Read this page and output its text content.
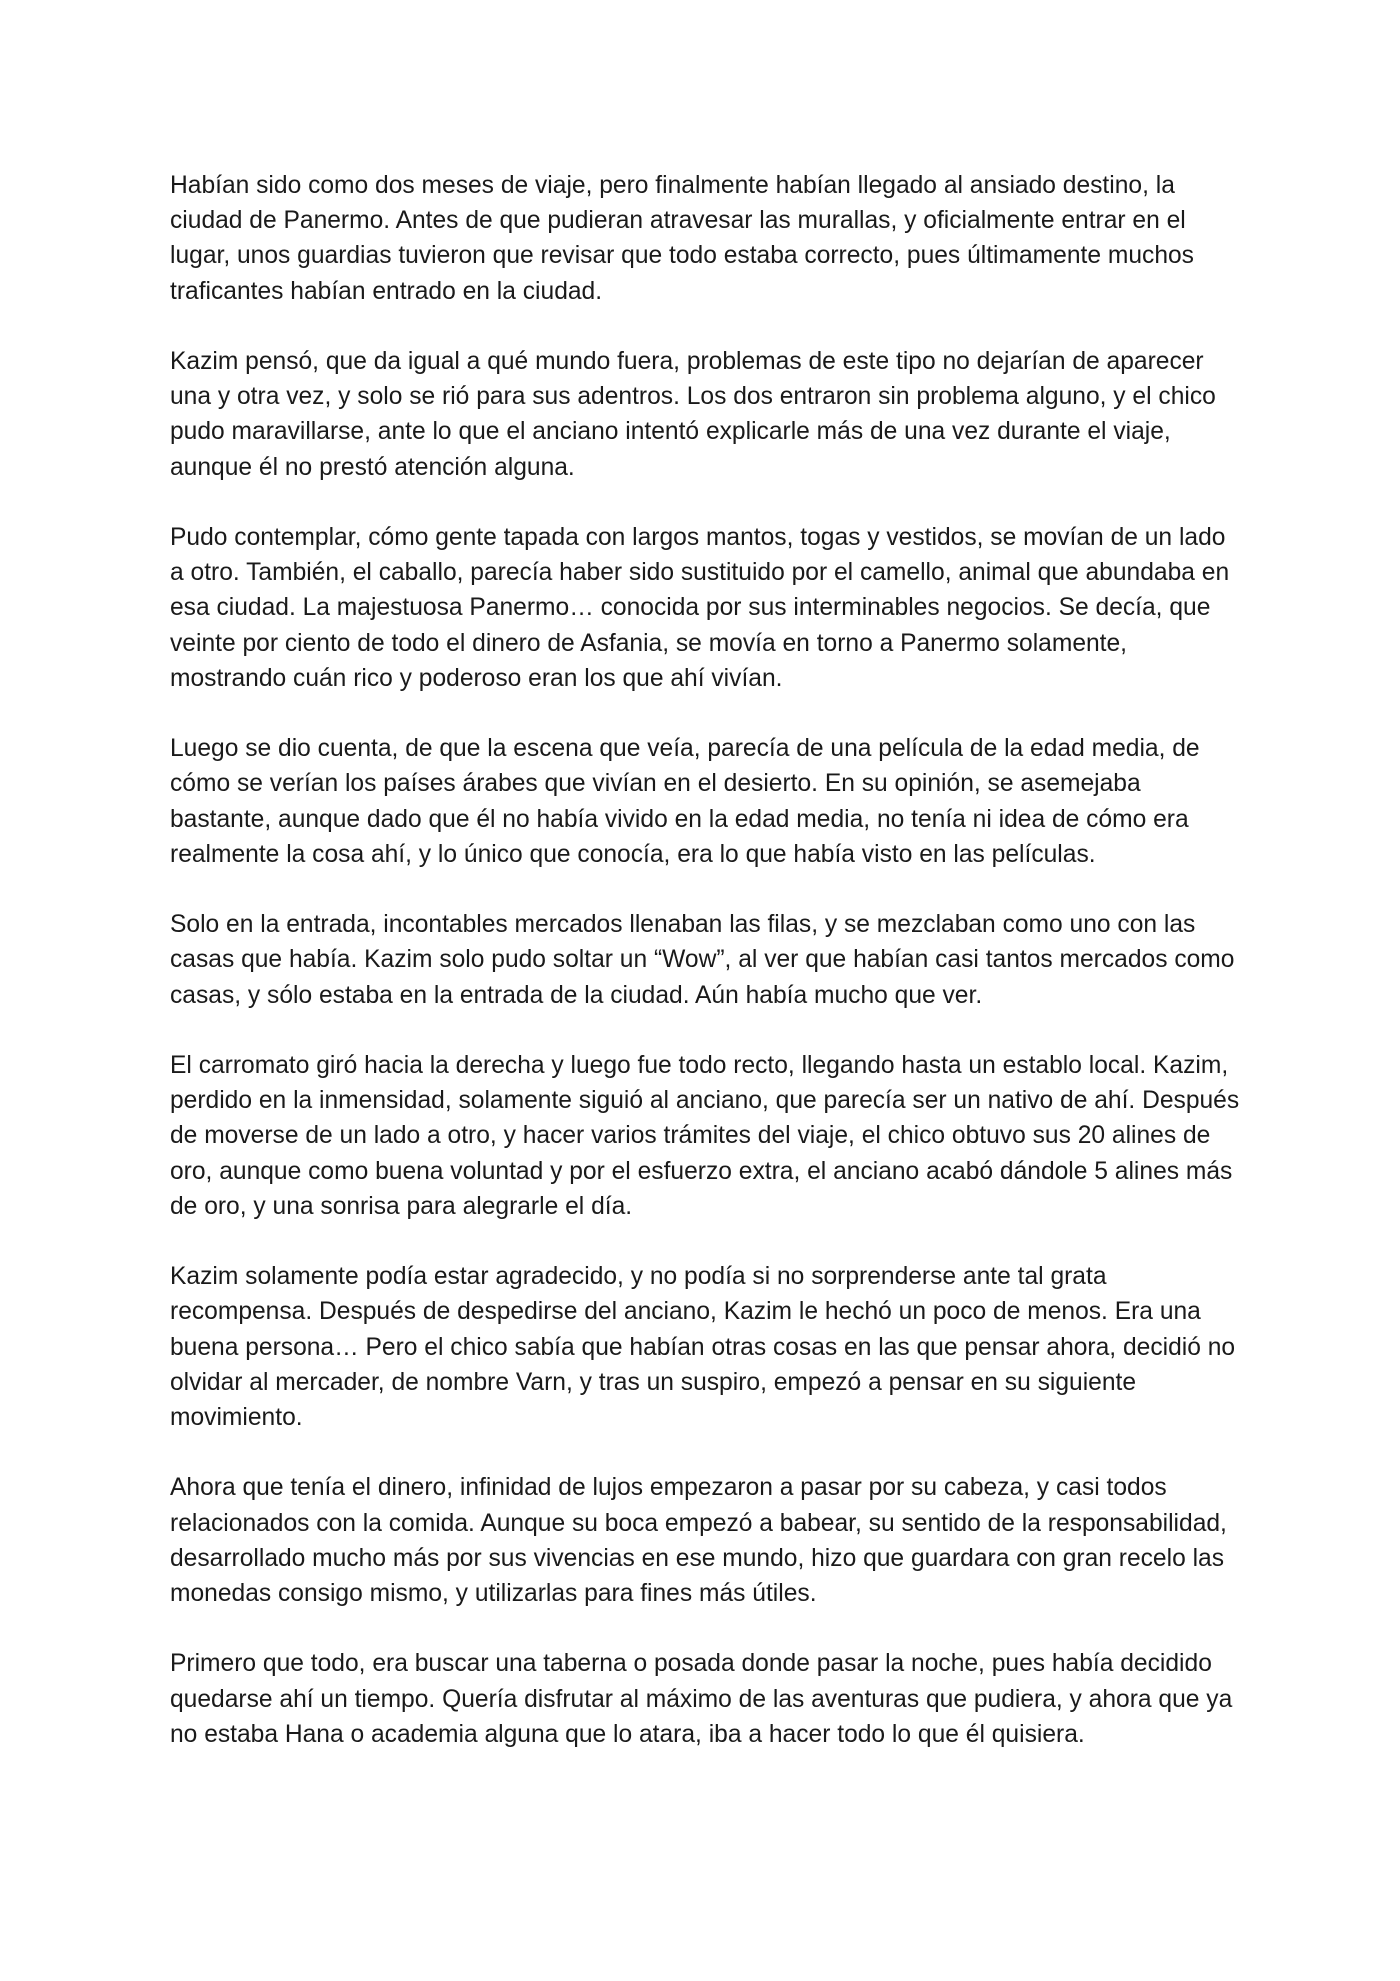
Habían sido como dos meses de viaje, pero finalmente habían llegado al ansiado destino, la ciudad de Panermo. Antes de que pudieran atravesar las murallas, y oficialmente entrar en el lugar, unos guardias tuvieron que revisar que todo estaba correcto, pues últimamente muchos traficantes habían entrado en la ciudad.

Kazim pensó, que da igual a qué mundo fuera, problemas de este tipo no dejarían de aparecer una y otra vez, y solo se rió para sus adentros. Los dos entraron sin problema alguno, y el chico pudo maravillarse, ante lo que el anciano intentó explicarle más de una vez durante el viaje, aunque él no prestó atención alguna.

Pudo contemplar, cómo gente tapada con largos mantos, togas y vestidos, se movían de un lado a otro. También, el caballo, parecía haber sido sustituido por el camello, animal que abundaba en esa ciudad. La majestuosa Panermo… conocida por sus interminables negocios. Se decía, que veinte por ciento de todo el dinero de Asfania, se movía en torno a Panermo solamente, mostrando cuán rico y poderoso eran los que ahí vivían.

Luego se dio cuenta, de que la escena que veía, parecía de una película de la edad media, de cómo se verían los países árabes que vivían en el desierto. En su opinión, se asemejaba bastante, aunque dado que él no había vivido en la edad media, no tenía ni idea de cómo era realmente la cosa ahí, y lo único que conocía, era lo que había visto en las películas.

Solo en la entrada, incontables mercados llenaban las filas, y se mezclaban como uno con las casas que había. Kazim solo pudo soltar un “Wow”, al ver que habían casi tantos mercados como casas, y sólo estaba en la entrada de la ciudad. Aún había mucho que ver.

El carromato giró hacia la derecha y luego fue todo recto, llegando hasta un establo local. Kazim, perdido en la inmensidad, solamente siguió al anciano, que parecía ser un nativo de ahí. Después de moverse de un lado a otro, y hacer varios trámites del viaje, el chico obtuvo sus 20 alines de oro, aunque como buena voluntad y por el esfuerzo extra, el anciano acabó dándole 5 alines más de oro, y una sonrisa para alegrarle el día.

Kazim solamente podía estar agradecido, y no podía si no sorprenderse ante tal grata recompensa. Después de despedirse del anciano, Kazim le hechó un poco de menos. Era una buena persona… Pero el chico sabía que habían otras cosas en las que pensar ahora, decidió no olvidar al mercader, de nombre Varn, y tras un suspiro, empezó a pensar en su siguiente movimiento.

Ahora que tenía el dinero, infinidad de lujos empezaron a pasar por su cabeza, y casi todos relacionados con la comida. Aunque su boca empezó a babear, su sentido de la responsabilidad, desarrollado mucho más por sus vivencias en ese mundo, hizo que guardara con gran recelo las monedas consigo mismo, y utilizarlas para fines más útiles.

Primero que todo, era buscar una taberna o posada donde pasar la noche, pues había decidido quedarse ahí un tiempo. Quería disfrutar al máximo de las aventuras que pudiera, y ahora que ya no estaba Hana o academia alguna que lo atara, iba a hacer todo lo que él quisiera.
